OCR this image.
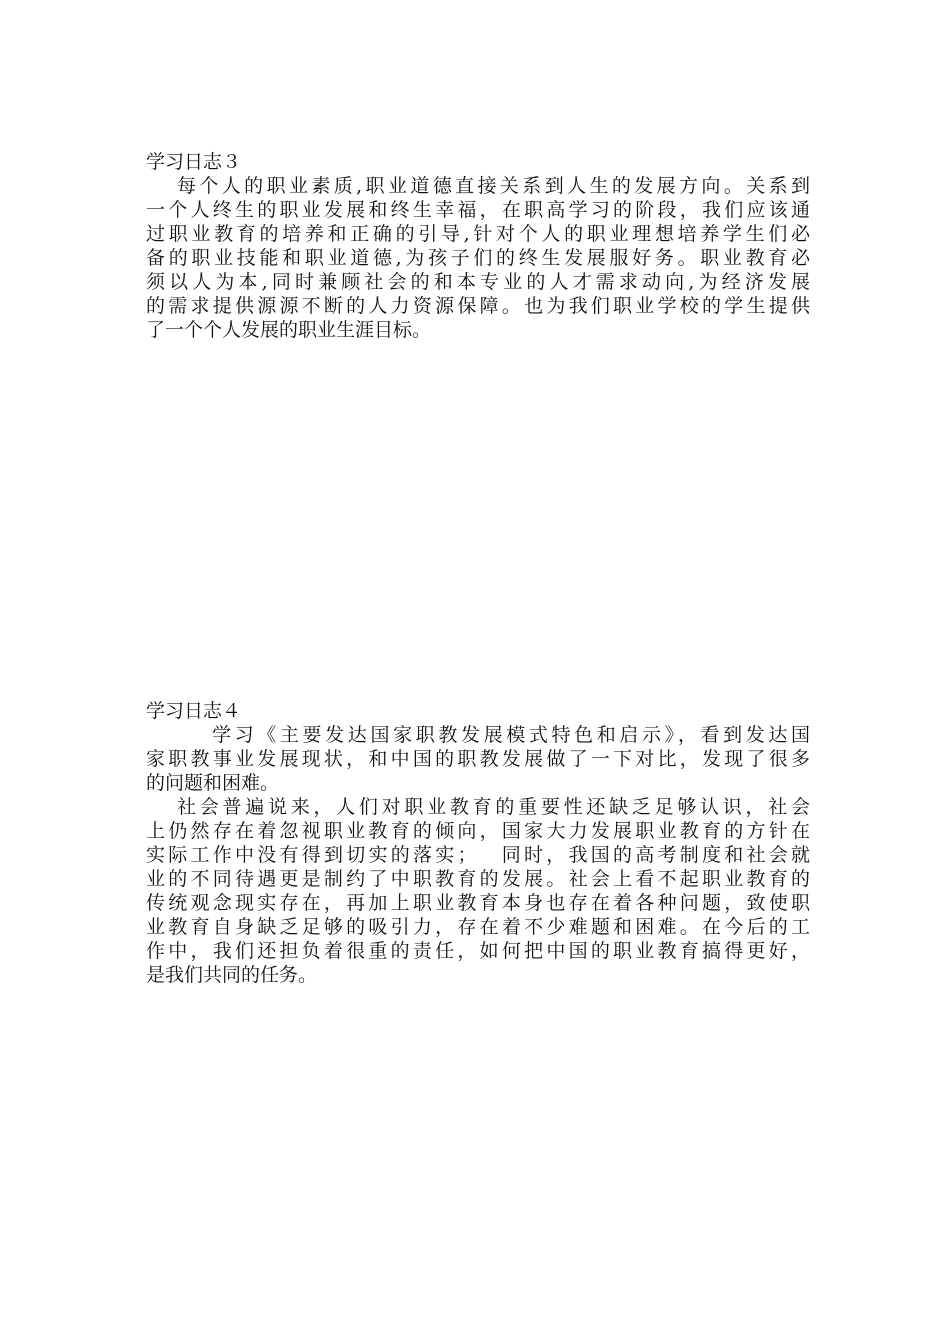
学习日志３

每个人的职业素质,职业道德直接关系到人生的发展方向。关系到

一个人终生的职业发展和终生幸福，在职高学习的阶段，我们应该通

过职业教育的培养和正确的引导,针对个人的职业理想培养学生们必

备的职业技能和职业道德,为孩子们的终生发展服好务。职业教育必

须以人为本,同时兼顾社会的和本专业的人才需求动向,为经济发展

的需求提供源源不断的人力资源保障。也为我们职业学校的学生提供

了一个个人发展的职业生涯目标。

学习日志４

学习《主要发达国家职教发展模式特色和启示》，看到发达国

家职教事业发展现状，和中国的职教发展做了一下对比，发现了很多

的问题和困难。

社会普遍说来，人们对职业教育的重要性还缺乏足够认识，社会

上仍然存在着忽视职业教育的倾向，国家大力发展职业教育的方针在

实际工作中没有得到切实的落实；　 同时，我国的高考制度和社会就

业的不同待遇更是制约了中职教育的发展。社会上看不起职业教育的

传统观念现实存在，再加上职业教育本身也存在着各种问题，致使职

业教育自身缺乏足够的吸引力，存在着不少难题和困难。在今后的工

作中，我们还担负着很重的责任，如何把中国的职业教育搞得更好，

是我们共同的任务。
